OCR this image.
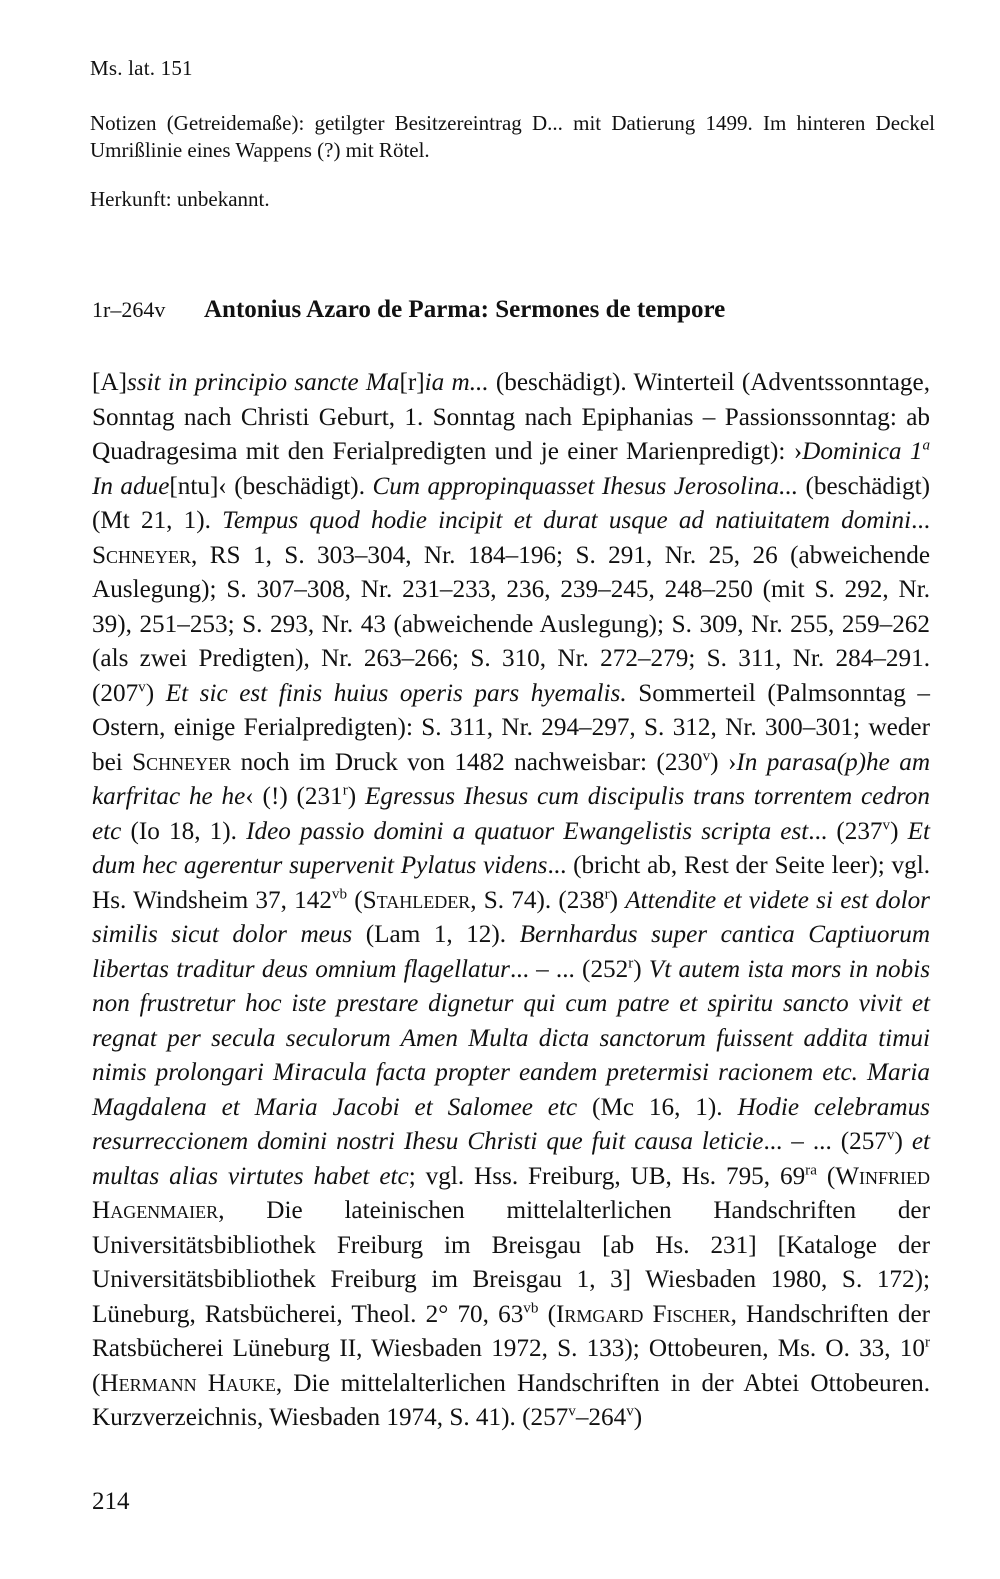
Ms. lat. 151

Notizen (Getreidemaße): getilgter Besitzereintrag D... mit Datierung 1499. Im hinteren Deckel Umrißlinie eines Wappens (?) mit Rötel.

Herkunft: unbekannt.
1r–264v	Antonius Azaro de Parma: Sermones de tempore

[A]ssit in principio sancte Ma[r]ia m... (beschädigt). Winterteil (Adventssonntage, Sonntag nach Christi Geburt, 1. Sonntag nach Epiphanias – Passionssonntag: ab Quadragesima mit den Ferialpredigten und je einer Marienpredigt): ›Dominica 1$^a$ In adue[ntu]‹ (beschädigt). Cum appropinquasset Ihesus Jerosolina... (beschädigt) (Mt 21, 1). Tempus quod hodie incipit et durat usque ad natiuitatem domini... Schneyer, RS 1, S. 303–304, Nr. 184–196; S. 291, Nr. 25, 26 (abweichende Auslegung); S. 307–308, Nr. 231–233, 236, 239–245, 248–250 (mit S. 292, Nr. 39), 251–253; S. 293, Nr. 43 (abweichende Auslegung); S. 309, Nr. 255, 259–262 (als zwei Predigten), Nr. 263–266; S. 310, Nr. 272–279; S. 311, Nr. 284–291. (207$^v$) Et sic est finis huius operis pars hyemalis. Sommerteil (Palmsonntag – Ostern, einige Ferialpredigten): S. 311, Nr. 294–297, S. 312, Nr. 300–301; weder bei Schneyer noch im Druck von 1482 nachweisbar: (230$^v$) ›In parasa(p)he am karfritac he he‹ (!) (231$^r$) Egressus Ihesus cum discipulis trans torrentem cedron etc (Io 18, 1). Ideo passio domini a quatuor Ewangelistis scripta est... (237$^v$) Et dum hec agerentur supervenit Pylatus videns... (bricht ab, Rest der Seite leer); vgl. Hs. Windsheim 37, $142^{vb}$ (Stahleder, S. 74). (238$^r$) Attendite et videte si est dolor similis sicut dolor meus (Lam 1, 12). Bernhardus super cantica Captiuorum libertas traditur deus omnium flagellatur... – ... (252$^r$) Vt autem ista mors in nobis non frustretur hoc iste prestare dignetur qui cum patre et spiritu sancto vivit et regnat per secula seculorum Amen Multa dicta sanctorum fuissent addita timui nimis prolongari Miracula facta propter eandem pretermisi racionem etc. Maria Magdalena et Maria Jacobi et Salomee etc (Mc 16, 1). Hodie celebramus resurreccionem domini nostri Ihesu Christi que fuit causa leticie... – ... (257$^v$) et multas alias virtutes habet etc; vgl. Hss. Freiburg, UB, Hs. 795, $69^{ra}$ (Winfried Hagenmaier, Die lateinischen mittelalterlichen Handschriften der Universitätsbibliothek Freiburg im Breisgau [ab Hs. 231] [Kataloge der Universitätsbibliothek Freiburg im Breisgau 1, 3] Wiesbaden 1980, S. 172); Lüneburg, Ratsbücherei, Theol. 2° 70, $63^{vb}$ (Irmgard Fischer, Handschriften der Ratsbücherei Lüneburg II, Wiesbaden 1972, S. 133); Ottobeuren, Ms. O. 33, 10$^r$ (Hermann Hauke, Die mittelalterlichen Handschriften in der Abtei Ottobeuren. Kurzverzeichnis, Wiesbaden 1974, S. 41). (257$^v$–264$^v$)

214
